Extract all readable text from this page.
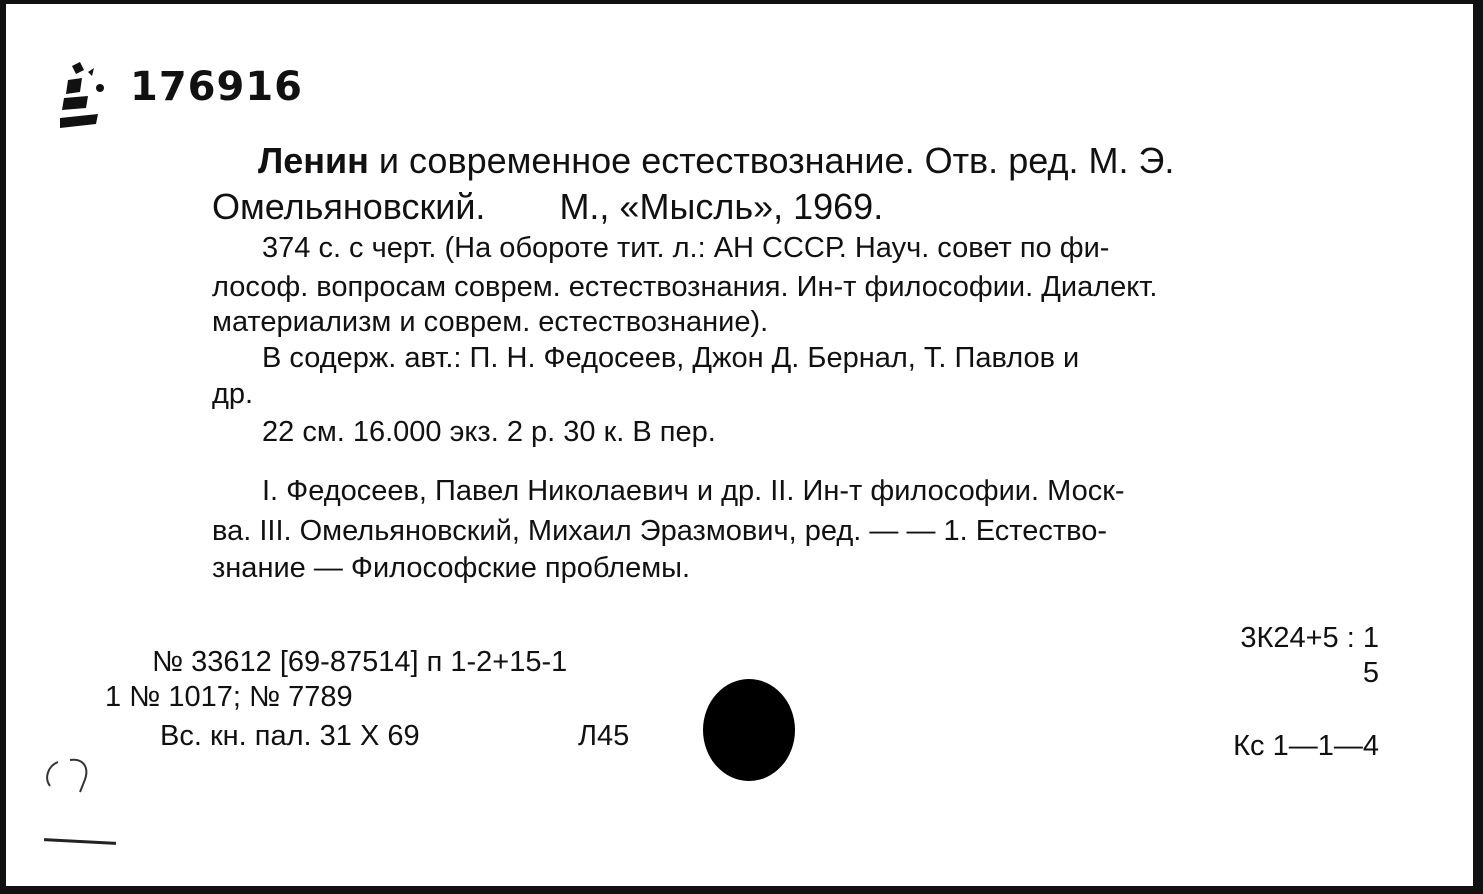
176916
Ленин и современное естествознание. Отв. ред. М. Э.
Омельяновский. М., «Мысль», 1969.
374 с. с черт. (На обороте тит. л.: АН СССР. Науч. совет по фи-
лософ. вопросам соврем. естествознания. Ин-т философии. Диалект.
материализм и соврем. естествознание).
В содерж. авт.: П. Н. Федосеев, Джон Д. Бернал, Т. Павлов и
др.
22 см. 16.000 экз. 2 р. 30 к. В пер.
I. Федосеев, Павел Николаевич и др. II. Ин-т философии. Моск-
ва. III. Омельяновский, Михаил Эразмович, ред. — — 1. Естество-
знание — Философские проблемы.
№ 33612 [69-87514] п 1-2+15-1
1 № 1017; № 7789
Вс. кн. пал. 31 X 69	Л45
3К24+5 : 1
5
Кс 1—1—4
